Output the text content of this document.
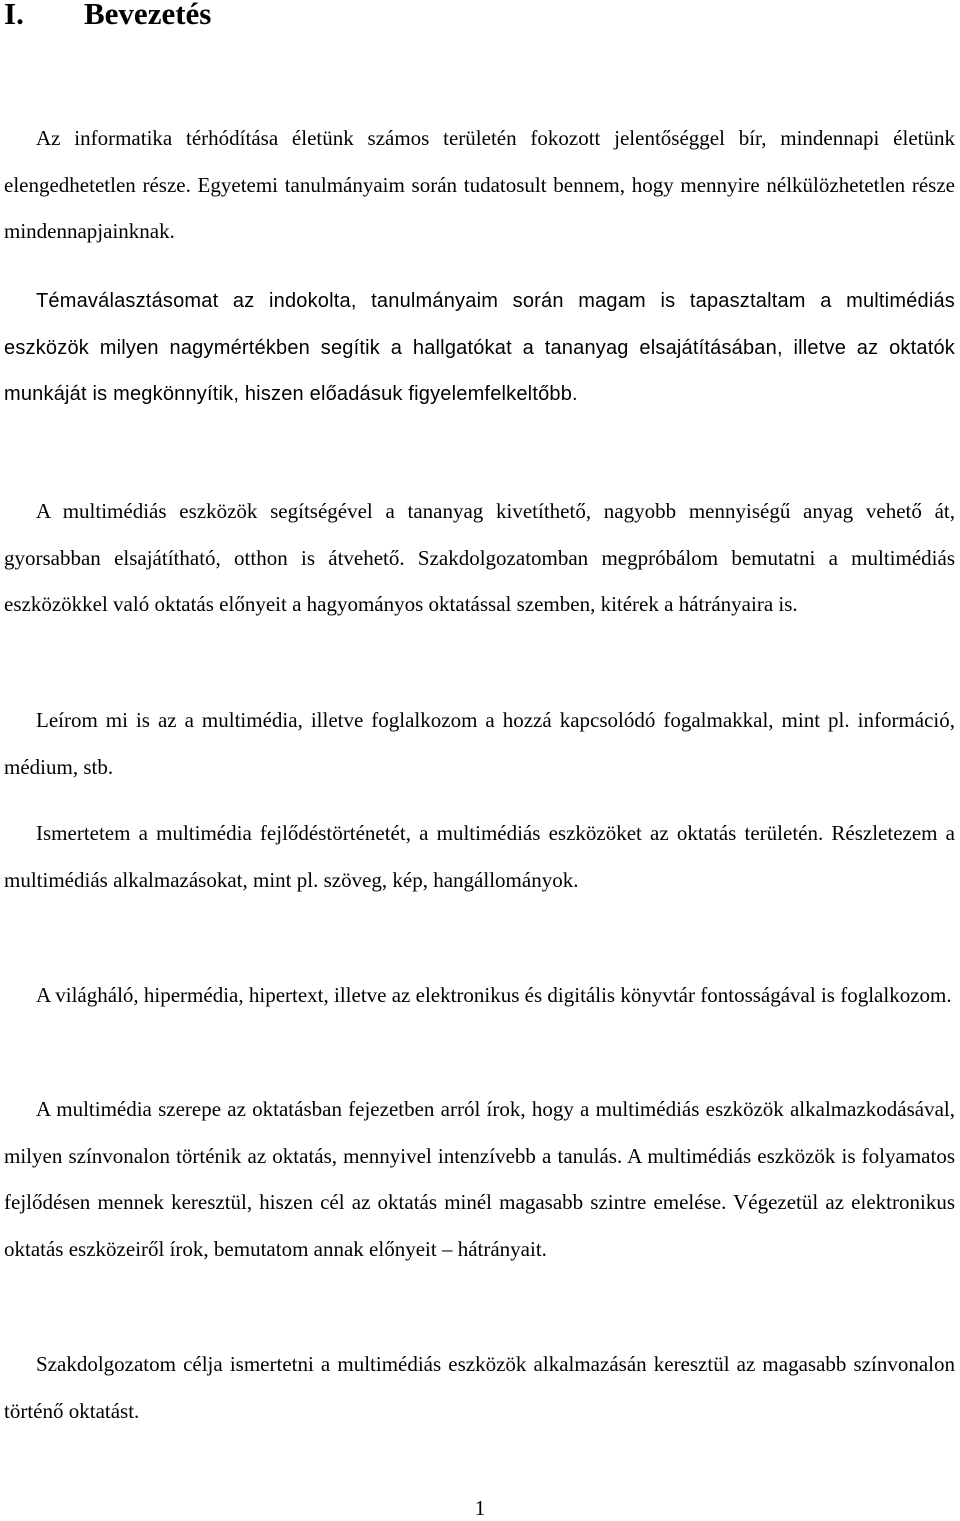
I. Bevezetés

Az informatika térhódítása életünk számos területén fokozott jelentőséggel bír, mindennapi életünk elengedhetetlen része. Egyetemi tanulmányaim során tudatosult bennem, hogy mennyire nélkülözhetetlen része mindennapjainknak.

Témaválasztásomat az indokolta, tanulmányaim során magam is tapasztaltam a multimédiás eszközök milyen nagymértékben segítik a hallgatókat a tananyag elsajátításában, illetve az oktatók munkáját is megkönnyítik, hiszen előadásuk figyelemfelkeltőbb.

A multimédiás eszközök segítségével a tananyag kivetíthető, nagyobb mennyiségű anyag vehető át, gyorsabban elsajátítható, otthon is átvehető. Szakdolgozatomban megpróbálom bemutatni a multimédiás eszközökkel való oktatás előnyeit a hagyományos oktatással szemben, kitérek a hátrányaira is.

Leírom mi is az a multimédia, illetve foglalkozom a hozzá kapcsolódó fogalmakkal, mint pl. információ, médium, stb.

Ismertetem a multimédia fejlődéstörténetét, a multimédiás eszközöket az oktatás területén. Részletezem a multimédiás alkalmazásokat, mint pl. szöveg, kép, hangállományok.

A világháló, hipermédia, hipertext, illetve az elektronikus és digitális könyvtár fontosságával is foglalkozom.

A multimédia szerepe az oktatásban fejezetben arról írok, hogy a multimédiás eszközök alkalmazkodásával, milyen színvonalon történik az oktatás, mennyivel intenzívebb a tanulás. A multimédiás eszközök is folyamatos fejlődésen mennek keresztül, hiszen cél az oktatás minél magasabb szintre emelése. Végezetül az elektronikus oktatás eszközeiről írok, bemutatom annak előnyeit – hátrányait.

Szakdolgozatom célja ismertetni a multimédiás eszközök alkalmazásán keresztül az magasabb színvonalon történő oktatást.

1
